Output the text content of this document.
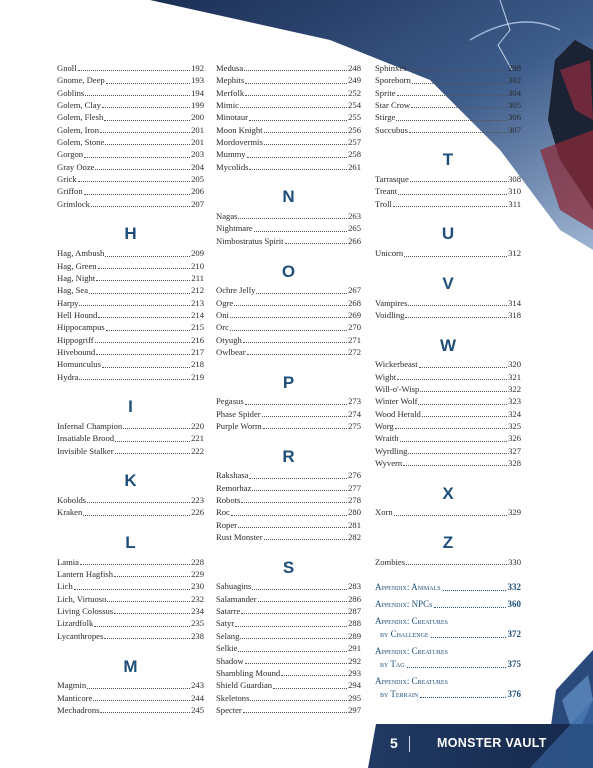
Gnoll	192
Gnome, Deep	193
Goblins	194
Golem, Clay	199
Golem, Flesh	200
Golem, Iron	201
Golem, Stone	201
Gorgon	203
Gray Ooze	204
Grick	205
Griffon	206
Grimlock	207
H
Hag, Ambush	209
Hag, Green	210
Hag, Night	211
Hag, Sea	212
Harpy	213
Hell Hound	214
Hippocampus	215
Hippogriff	216
Hivebound	217
Homunculus	218
Hydra	219
I
Infernal Champion	220
Insatiable Brood	221
Invisible Stalker	222
K
Kobolds	223
Kraken	226
L
Lamia	228
Lantern Hagfish	229
Lich	230
Lich, Virtuoso	232
Living Colossus	234
Lizardfolk	235
Lycanthropes	238
M
Magmin	243
Manticore	244
Mechadrons	245
Medusa	248
Mephits	249
Merfolk	252
Mimic	254
Minotaur	255
Moon Knight	256
Mordovermis	257
Mummy	258
Mycolids	261
N
Nagas	263
Nightmare	265
Nimbostratus Spirit	266
O
Ochre Jelly	267
Ogre	268
Oni	269
Orc	270
Otyugh	271
Owlbear	272
P
Pegasus	273
Phase Spider	274
Purple Worm	275
R
Rakshasa	276
Remorhaz	277
Robots	278
Roc	280
Roper	281
Rust Monster	282
S
Sahuagins	283
Salamander	286
Satarre	287
Satyr	288
Selang	289
Selkie	291
Shadow	292
Shambling Mound	293
Shield Guardian	294
Skeletons	295
Specter	297
Sphinxes	298
Sporeborn	302
Sprite	304
Star Crow	305
Stirge	306
Succubus	307
T
Tarrasque	308
Treant	310
Troll	311
U
Unicorn	312
V
Vampires	314
Voidling	318
W
Wickerbeast	320
Wight	321
Will-o'-Wisp	322
Winter Wolf	323
Wood Herald	324
Worg	325
Wraith	326
Wyrdling	327
Wyvern	328
X
Xorn	329
Z
Zombies	330
Appendix: Animals	332
Appendix: NPCs	360
Appendix: Creatures
by Challenge	372
Appendix: Creatures
by Tag	375
Appendix: Creatures
by Terrain	376
5	MONSTER VAULT
